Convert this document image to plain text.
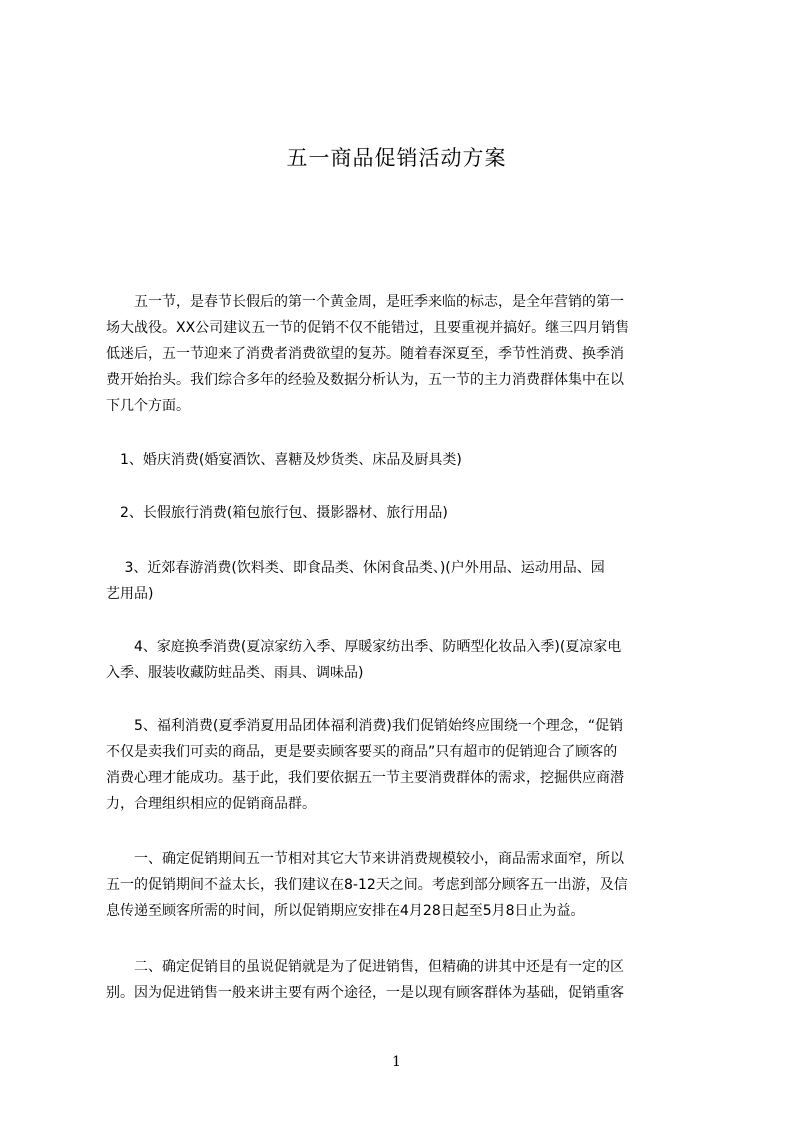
五一商品促销活动方案
　　五一节，是春节长假后的第一个黄金周，是旺季来临的标志，是全年营销的第一
场大战役。XX公司建议五一节的促销不仅不能错过，且要重视并搞好。继三四月销售
低迷后，五一节迎来了消费者消费欲望的复苏。随着春深夏至，季节性消费、换季消
费开始抬头。我们综合多年的经验及数据分析认为，五一节的主力消费群体集中在以
下几个方面。
　1、婚庆消费(婚宴酒饮、喜糖及炒货类、床品及厨具类)
　2、长假旅行消费(箱包旅行包、摄影器材、旅行用品)
　 3、近郊春游消费(饮料类、即食品类、休闲食品类、)(户外用品、运动用品、园
艺用品)
　　4、家庭换季消费(夏凉家纺入季、厚暖家纺出季、防晒型化妆品入季)(夏凉家电
入季、服装收藏防蛀品类、雨具、调味品)
　　5、福利消费(夏季消夏用品团体福利消费)我们促销始终应围绕一个理念，“促销
不仅是卖我们可卖的商品，更是要卖顾客要买的商品”只有超市的促销迎合了顾客的
消费心理才能成功。基于此，我们要依据五一节主要消费群体的需求，挖掘供应商潜
力，合理组织相应的促销商品群。
　　一、确定促销期间五一节相对其它大节来讲消费规模较小，商品需求面窄，所以
五一的促销期间不益太长，我们建议在8-12天之间。考虑到部分顾客五一出游，及信
息传递至顾客所需的时间，所以促销期应安排在4月28日起至5月8日止为益。
　　二、确定促销目的虽说促销就是为了促进销售，但精确的讲其中还是有一定的区
别。因为促进销售一般来讲主要有两个途径，一是以现有顾客群体为基础，促销重客
1
